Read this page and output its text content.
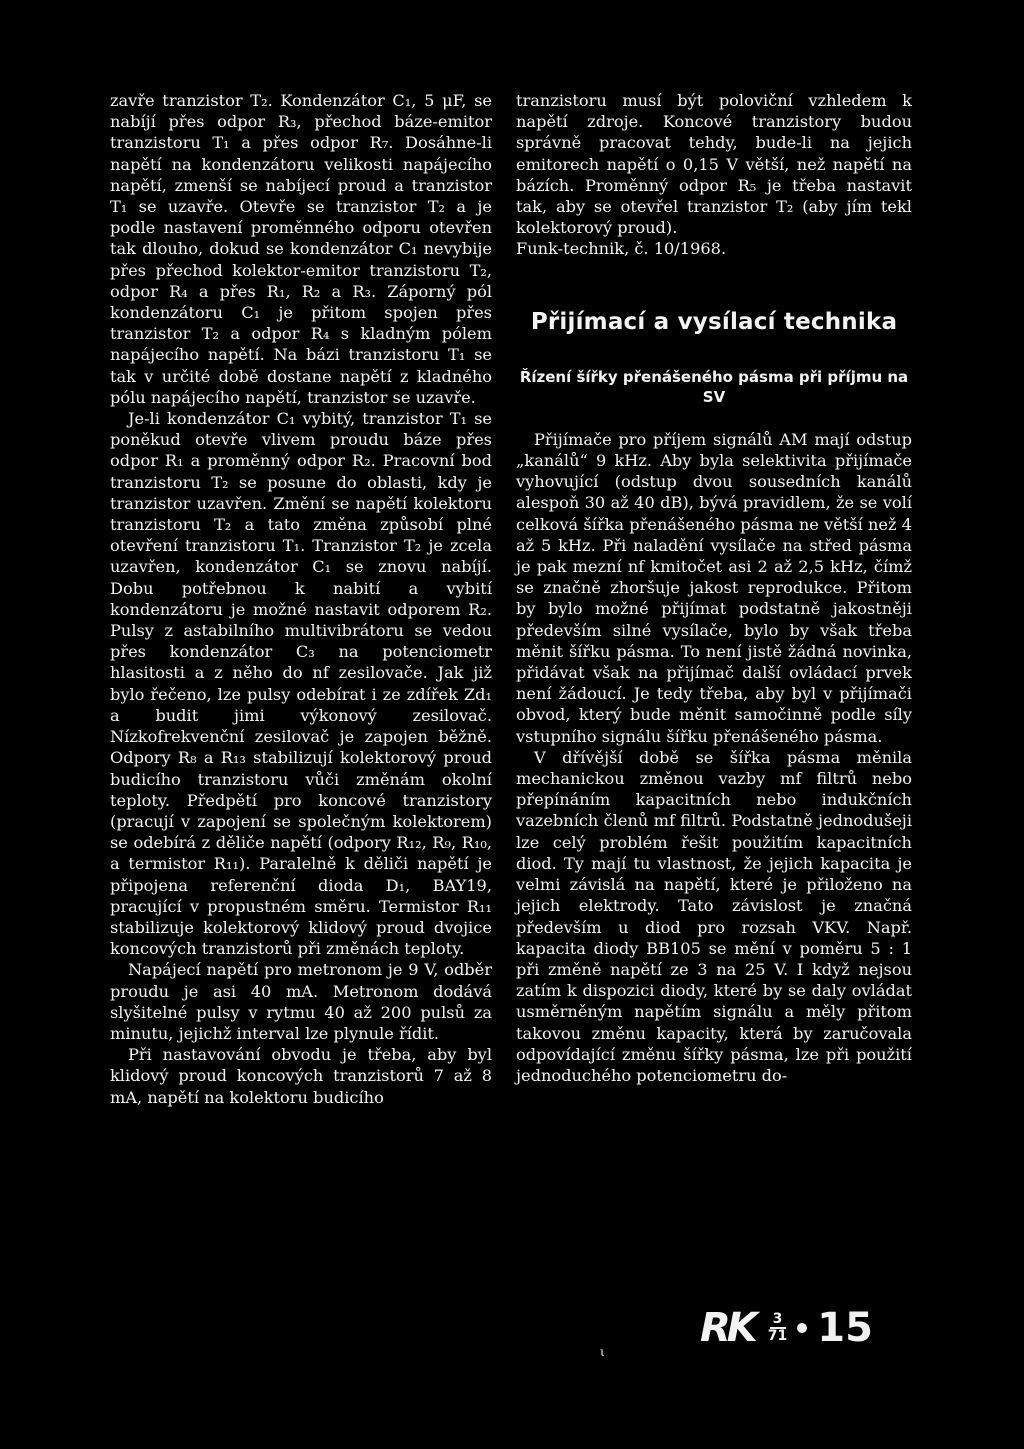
zavře tranzistor T₂. Kondenzátor C₁, 5 μF, se nabíjí přes odpor R₃, přechod báze-emitor tranzistoru T₁ a přes odpor R₇. Dosáhne-li napětí na kondenzátoru velikosti napájecího napětí, zmenší se nabíjecí proud a tranzistor T₁ se uzavře. Otevře se tranzistor T₂ a je podle nastavení proměnného odporu otevřen tak dlouho, dokud se kondenzátor C₁ nevybije přes přechod kolektor-emitor tranzistoru T₂, odpor R₄ a přes R₁, R₂ a R₃. Záporný pól kondenzátoru C₁ je přitom spojen přes tranzistor T₂ a odpor R₄ s kladným pólem napájecího napětí. Na bázi tranzistoru T₁ se tak v určité době dostane napětí z kladného pólu napájecího napětí, tranzistor se uzavře.

Je-li kondenzátor C₁ vybitý, tranzistor T₁ se poněkud otevře vlivem proudu báze přes odpor R₁ a proměnný odpor R₂. Pracovní bod tranzistoru T₂ se posune do oblasti, kdy je tranzistor uzavřen. Změní se napětí kolektoru tranzistoru T₂ a tato změna způsobí plné otevření tranzistoru T₁. Tranzistor T₂ je zcela uzavřen, kondenzátor C₁ se znovu nabíjí. Dobu potřebnou k nabití a vybití kondenzátoru je možné nastavit odporem R₂. Pulsy z astabilního multivibrátoru se vedou přes kondenzátor C₃ na potenciometr hlasitosti a z něho do nf zesilovače. Jak již bylo řečeno, lze pulsy odebírat i ze zdířek Zd₁ a budit jimi výkonový zesilovač. Nízkofrekvenční zesilovač je zapojen běžně. Odpory R₈ a R₁₃ stabilizují kolektorový proud budicího tranzistoru vůči změnám okolní teploty. Předpětí pro koncové tranzistory (pracují v zapojení se společným kolektorem) se odebírá z děliče napětí (odpory R₁₂, R₉, R₁₀, a termistor R₁₁). Paralelně k děliči napětí je připojena referenční dioda D₁, BAY19, pracující v propustném směru. Termistor R₁₁ stabilizuje kolektorový klidový proud dvojice koncových tranzistorů při změnách teploty.

Napájecí napětí pro metronom je 9 V, odběr proudu je asi 40 mA. Metronom dodává slyšitelné pulsy v rytmu 40 až 200 pulsů za minutu, jejichž interval lze plynule řídit.

Při nastavování obvodu je třeba, aby byl klidový proud koncových tranzistorů 7 až 8 mA, napětí na kolektoru budicího

tranzistoru musí být poloviční vzhledem k napětí zdroje. Koncové tranzistory budou správně pracovat tehdy, bude-li na jejich emitorech napětí o 0,15 V větší, než napětí na bázích. Proměnný odpor R₅ je třeba nastavit tak, aby se otevřel tranzistor T₂ (aby jím tekl kolektorový proud).

Funk-technik, č. 10/1968.

Přijímací a vysílací technika
Řízení šířky přenášeného pásma při příjmu na SV

Přijímače pro příjem signálů AM mají odstup „kanálů“ 9 kHz. Aby byla selektivita přijímače vyhovující (odstup dvou sousedních kanálů alespoň 30 až 40 dB), bývá pravidlem, že se volí celková šířka přenášeného pásma ne větší než 4 až 5 kHz. Při naladění vysílače na střed pásma je pak mezní nf kmitočet asi 2 až 2,5 kHz, čímž se značně zhoršuje jakost reprodukce. Přitom by bylo možné přijímat podstatně jakostněji především silné vysílače, bylo by však třeba měnit šířku pásma. To není jistě žádná novinka, přidávat však na přijímač další ovládací prvek není žádoucí. Je tedy třeba, aby byl v přijímači obvod, který bude měnit samočinně podle síly vstupního signálu šířku přenášeného pásma.

V dřívější době se šířka pásma měnila mechanickou změnou vazby mf filtrů nebo přepínáním kapacitních nebo indukčních vazebních členů mf filtrů. Podstatně jednodušeji lze celý problém řešit použitím kapacitních diod. Ty mají tu vlastnost, že jejich kapacita je velmi závislá na napětí, které je přiloženo na jejich elektrody. Tato závislost je značná především u diod pro rozsah VKV. Např. kapacita diody BB105 se mění v poměru 5 : 1 při změně napětí ze 3 na 25 V. I když nejsou zatím k dispozici diody, které by se daly ovládat usměrněným napětím signálu a měly přitom takovou změnu kapacity, která by zaručovala odpovídající změnu šířky pásma, lze při použití jednoduchého potenciometru do-

ι
RK $\frac{3}{71} 15$
